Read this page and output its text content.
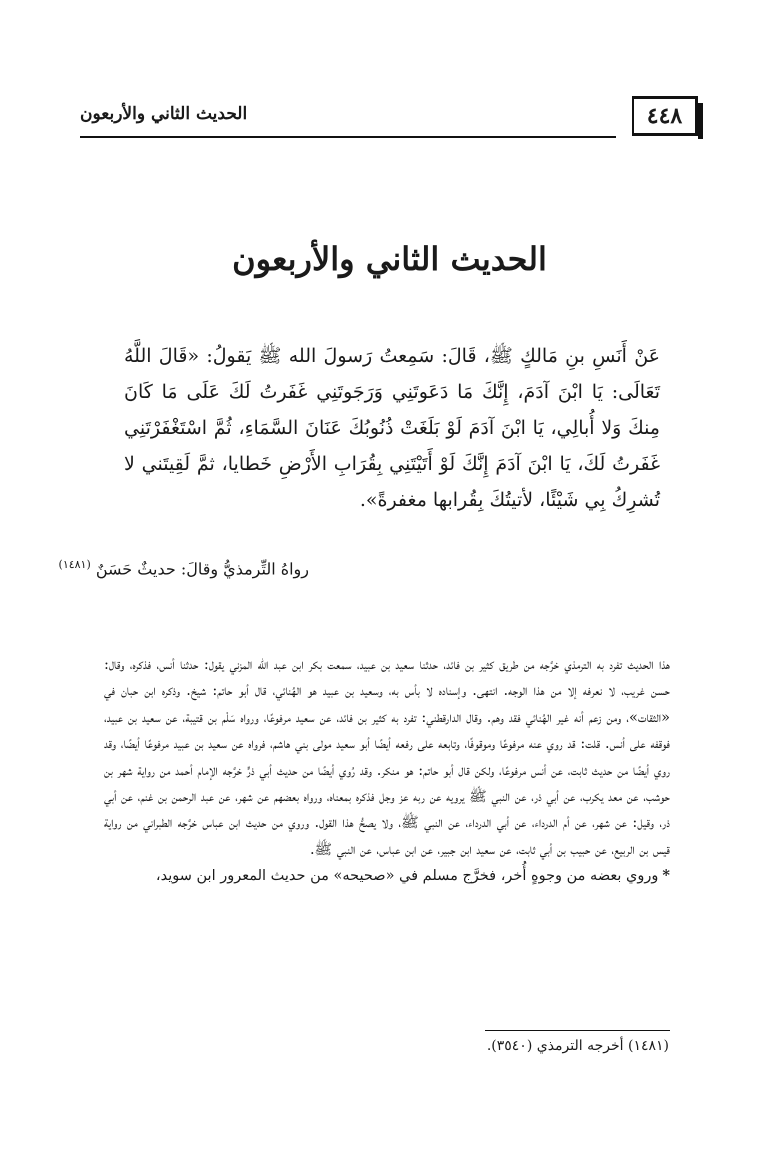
الحديث الثاني والأربعون	٤٤٨
الحديث الثاني والأربعون

عَنْ أَنَسِ بنِ مَالكٍ ﷺ، قَالَ: سَمِعتُ رَسولَ الله ﷺ يَقولُ: «قَالَ اللَّهُ تَعَالَى: يَا ابْنَ آدَمَ، إِنَّكَ مَا دَعَوتَنِي وَرَجَوتَنِي غَفَرتُ لَكَ عَلَى مَا كَانَ مِنكَ وَلا أُبالِي، يَا ابْنَ آدَمَ لَوْ بَلَغَتْ ذُنُوبُكَ عَنَانَ السَّمَاءِ، ثُمَّ اسْتَغْفَرْتَنِي غَفَرتُ لَكَ، يَا ابْنَ آدَمَ إِنَّكَ لَوْ أَتَيْتَنِي بِقُرَابِ الأَرْضِ خَطايا، ثمَّ لَقِيتَني لا تُشرِكُ بِي شَيْئًا، لأتيتُكَ بِقُرابها مغفرةً».

رواهُ التِّرمذيُّ وقالَ: حديثٌ حَسَنٌ $^{(١٤٨١)}$

هذا الحديث تفرد به الترمذي خرَّجه من طريق كثير بن فائد، حدثنا سعيد بن عبيد، سمعت بكر ابن عبد الله المزني يقول: حدثنا أنس، فذكره، وقال: حسن غريب، لا نعرفه إلا من هذا الوجه. انتهى. وإسناده لا بأس به، وسعيد بن عبيد هو الهُنائي، قال أبو حاتم: شيخ. وذكره ابن حبان في «الثقات»، ومن زعم أنه غير الهُنائي فقد وهم. وقال الدارقطني: تفرد به كثير بن فائد، عن سعيد مرفوعًا، ورواه سَلْم بن قتيبة، عن سعيد بن عبيد، فوقفه على أنس. قلت: قد روي عنه مرفوعًا وموقوفًا، وتابعه على رفعه أيضًا أبو سعيد مولى بني هاشم، فرواه عن سعيد بن عبيد مرفوعًا أيضًا، وقد روي أيضًا من حديث ثابت، عن أنس مرفوعًا، ولكن قال أبو حاتم: هو منكر. وقد رُوي أيضًا من حديث أبي ذرٍّ خرَّجه الإمام أحمد من رواية شهر بن حوشب، عن معد يكرب، عن أبي ذر، عن النبي ﷺ يرويه عن ربه عز وجل فذكره بمعناه، ورواه بعضهم عن شهر، عن عبد الرحمن بن غنم، عن أبي ذر، وقيل: عن شهر، عن أم الدرداء، عن أبي الدرداء، عن النبي ﷺ، ولا يصحُّ هذا القول. وروي من حديث ابن عباس خرَّجه الطبراني من رواية قيس بن الربيع، عن حبيب بن أبي ثابت، عن سعيد ابن جبير، عن ابن عباس، عن النبي ﷺ.

*وروي بعضه من وجوهٍ أُخر، فخرَّج مسلم في «صحيحه» من حديث المعرور ابن سويد،

(١٤٨١) أخرجه الترمذي (٣٥٤٠).
